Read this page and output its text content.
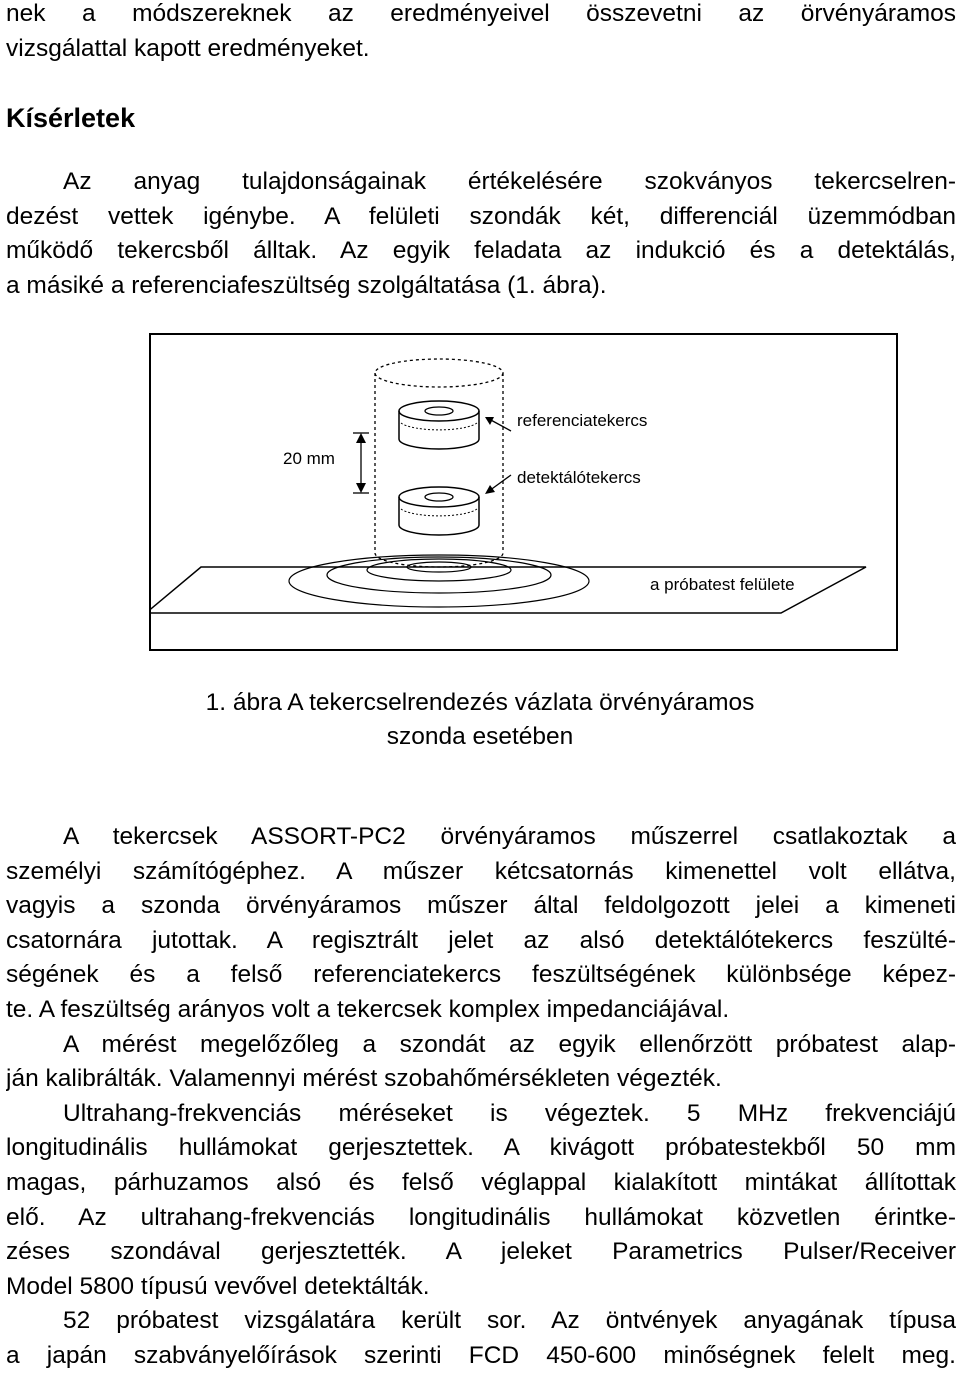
nek a módszereknek az eredményeivel összevetni az örvényáramos
vizsgálattal kapott eredményeket.
Kísérletek
Az anyag tulajdonságainak értékelésére szokványos tekercselren-
dezést vettek igénybe. A felületi szondák két, differenciál üzemmódban
működő tekercsből álltak. Az egyik feladata az indukció és a detektálás,
a másiké a referenciafeszültség szolgáltatása (1. ábra).
20 mm
referenciatekercs
detektálótekercs
a próbatest felülete
1. ábra A tekercselrendezés vázlata örvényáramos
szonda esetében
A tekercsek ASSORT-PC2 örvényáramos műszerrel csatlakoztak a
személyi számítógéphez. A műszer kétcsatornás kimenettel volt ellátva,
vagyis a szonda örvényáramos műszer által feldolgozott jelei a kimeneti
csatornára jutottak. A regisztrált jelet az alsó detektálótekercs feszülté-
ségének és a felső referenciatekercs feszültségének különbsége képez-
te. A feszültség arányos volt a tekercsek komplex impedanciájával.
A mérést megelőzőleg a szondát az egyik ellenőrzött próbatest alap-
ján kalibrálták. Valamennyi mérést szobahőmérsékleten végezték.
Ultrahang-frekvenciás méréseket is végeztek. 5 MHz frekvenciájú
longitudinális hullámokat gerjesztettek. A kivágott próbatestekből 50 mm
magas, párhuzamos alsó és felső véglappal kialakított mintákat állítottak
elő. Az ultrahang-frekvenciás longitudinális hullámokat közvetlen érintke-
zéses szondával gerjesztették. A jeleket Parametrics Pulser/Receiver
Model 5800 típusú vevővel detektálták.
52 próbatest vizsgálatára került sor. Az öntvények anyagának típusa
a japán szabványelőírások szerinti FCD 450-600 minőségnek felelt meg.
